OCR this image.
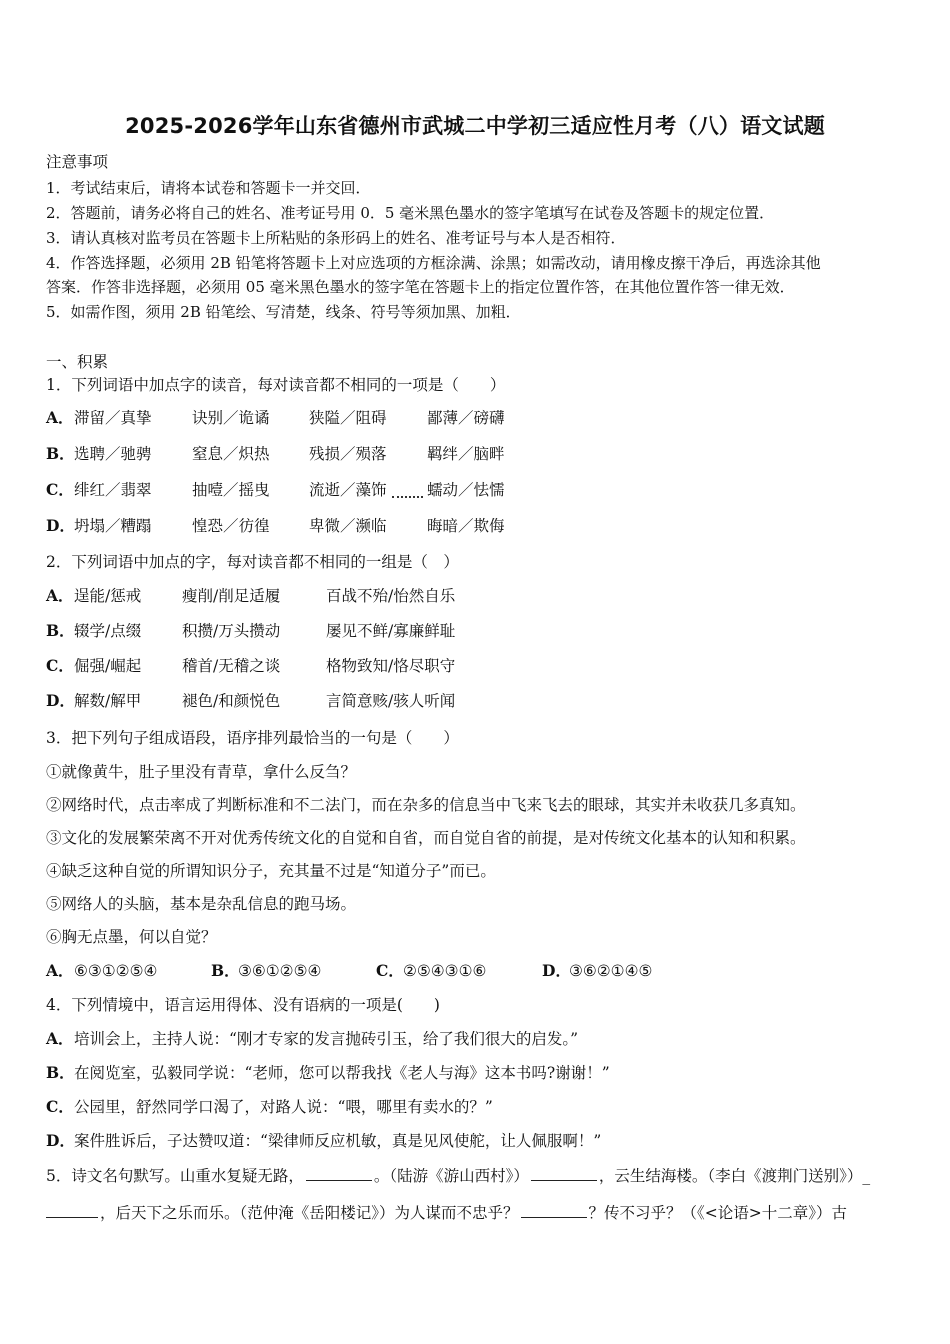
2025-2026学年山东省德州市武城二中学初三适应性月考（八）语文试题
注意事项
1．考试结束后，请将本试卷和答题卡一并交回．
2．答题前，请务必将自己的姓名、准考证号用 0．5 毫米黑色墨水的签字笔填写在试卷及答题卡的规定位置．
3．请认真核对监考员在答题卡上所粘贴的条形码上的姓名、准考证号与本人是否相符．
4．作答选择题，必须用 2B 铅笔将答题卡上对应选项的方框涂满、涂黑；如需改动，请用橡皮擦干净后，再选涂其他
答案．作答非选择题，必须用 05 毫米黑色墨水的签字笔在答题卡上的指定位置作答，在其他位置作答一律无效．
5．如需作图，须用 2B 铅笔绘、写清楚，线条、符号等须加黑、加粗．
一、积累
1．下列词语中加点字的读音，每对读音都不相同的一项是（　　）
A． 滞留／真挚	诀别／诡谲	狭隘／阻碍	鄙薄／磅礴
B． 选聘／驰骋	窒息／炽热	残损／殒落	羁绊／脑畔
C． 绯红／翡翠	抽噎／摇曳	流逝／藻饰	蠕动／怯懦
D． 坍塌／糟蹋	惶恐／彷徨	卑微／濒临	晦暗／欺侮
2．下列词语中加点的字，每对读音都不相同的一组是（　）
A． 逞能/惩戒	瘦削/削足适履	百战不殆/怡然自乐
B． 辍学/点缀	积攒/万头攒动	屡见不鲜/寡廉鲜耻
C． 倔强/崛起	稽首/无稽之谈	格物致知/恪尽职守
D． 解数/解甲	褪色/和颜悦色	言简意赅/骇人听闻
3．把下列句子组成语段，语序排列最恰当的一句是（　　）
①就像黄牛，肚子里没有青草，拿什么反刍？
②网络时代，点击率成了判断标准和不二法门，而在杂多的信息当中飞来飞去的眼球，其实并未收获几多真知。
③文化的发展繁荣离不开对优秀传统文化的自觉和自省，而自觉自省的前提，是对传统文化基本的认知和积累。
④缺乏这种自觉的所谓知识分子，充其量不过是“知道分子”而已。
⑤网络人的头脑，基本是杂乱信息的跑马场。
⑥胸无点墨，何以自觉？
A． ⑥③①②⑤④	B．
③⑥①②⑤④	C． ②⑤④③①⑥	D．
③⑥②①④⑤
4．下列情境中，语言运用得体、没有语病的一项是(　　)
A． 培训会上，主持人说：“刚才专家的发言抛砖引玉，给了我们很大的启发。”
B． 在阅览室，弘毅同学说：“老师，您可以帮我找《老人与海》这本书吗?谢谢！”
C． 公园里，舒然同学口渴了，对路人说：“喂，哪里有卖水的？”
D． 案件胜诉后，子达赞叹道：“梁律师反应机敏，真是见风使舵，让人佩服啊！”
5．诗文名句默写。山重水复疑无路，	。（陆游《游山西村》）	，云生结海楼。（李白《渡荆门送别》）_
，后天下之乐而乐。（范仲淹《岳阳楼记》）为人谋而不忠乎？	？传不习乎？（《<论语>十二章》）古
